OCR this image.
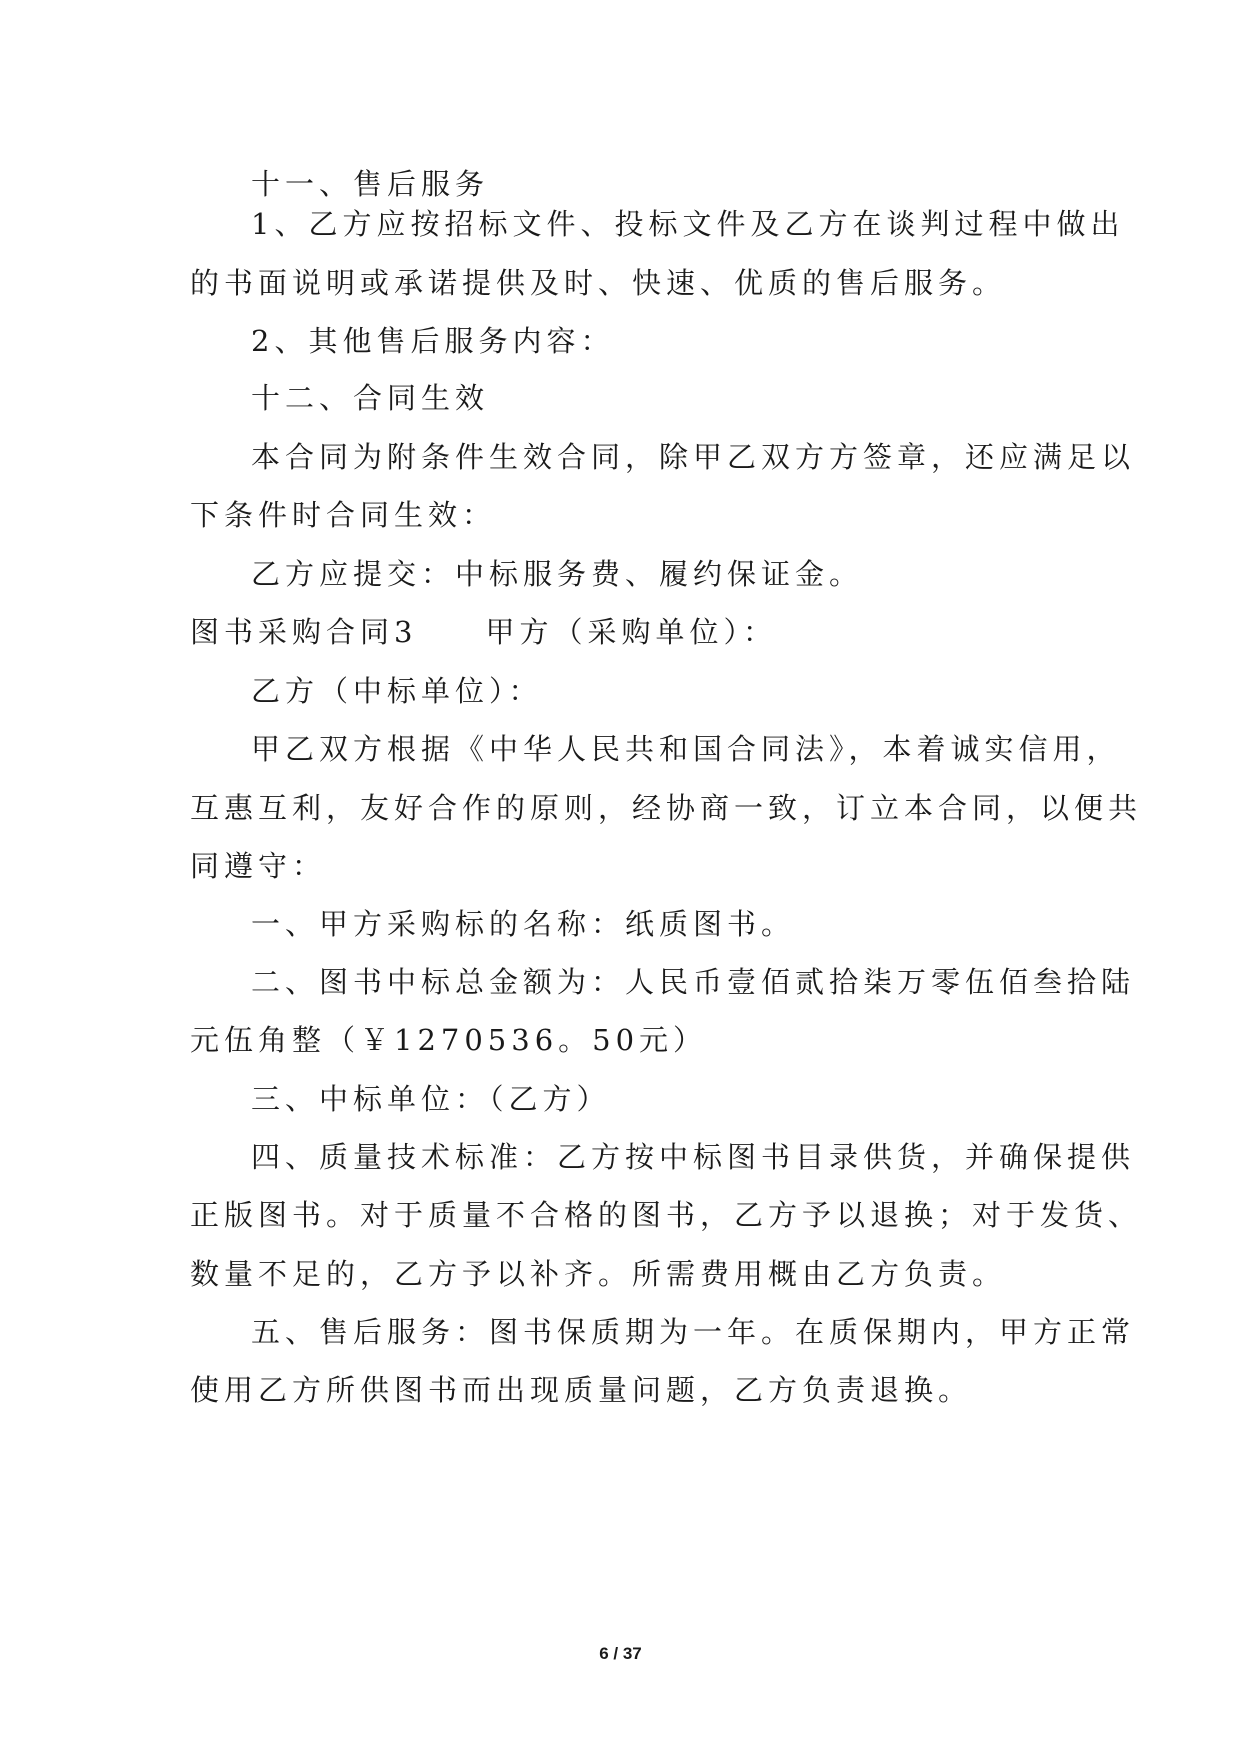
十一、售后服务
1、乙方应按招标文件、投标文件及乙方在谈判过程中做出
的书面说明或承诺提供及时、快速、优质的售后服务。
2、其他售后服务内容：
十二、合同生效
本合同为附条件生效合同，除甲乙双方方签章，还应满足以
下条件时合同生效：
乙方应提交：中标服务费、履约保证金。
图书采购合同3　　甲方（采购单位）：
乙方（中标单位）：
甲乙双方根据《中华人民共和国合同法》，本着诚实信用，
互惠互利，友好合作的原则，经协商一致，订立本合同，以便共
同遵守：
一、甲方采购标的名称：纸质图书。
二、图书中标总金额为：人民币壹佰贰拾柒万零伍佰叁拾陆
元伍角整（￥1270536。50元）
三、中标单位：（乙方）
四、质量技术标准：乙方按中标图书目录供货，并确保提供
正版图书。对于质量不合格的图书，乙方予以退换；对于发货、
数量不足的，乙方予以补齐。所需费用概由乙方负责。
五、售后服务：图书保质期为一年。在质保期内，甲方正常
使用乙方所供图书而出现质量问题，乙方负责退换。
6 / 37
